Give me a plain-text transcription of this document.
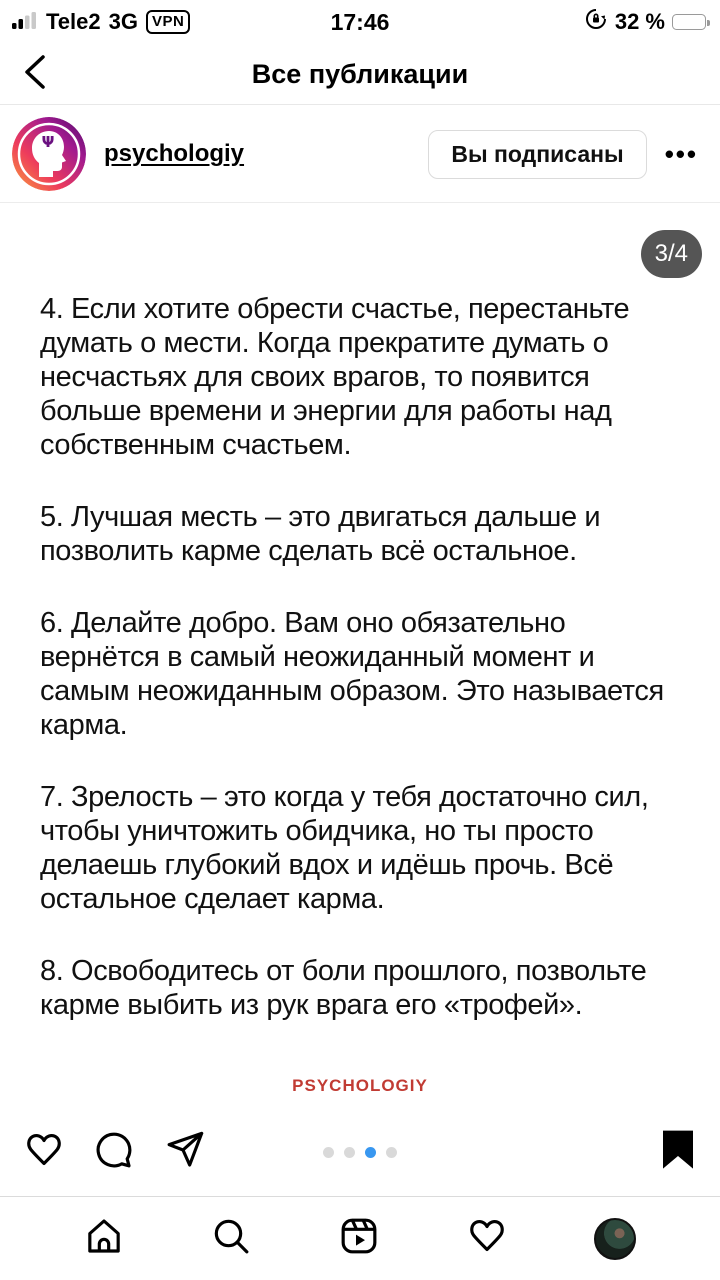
Tele2 3G VPN	17:46	32 %
Все публикации
Ψ psychologiy	Вы подписаны	•••
3/4

4. Если хотите обрести счастье, перестаньте думать о мести. Когда прекратите думать о несчастьях для своих врагов, то появится больше времени и энергии для работы над собственным счастьем.

5. Лучшая месть – это двигаться дальше и позволить карме сделать всё остальное.

6. Делайте добро. Вам оно обязательно вернётся в самый неожиданный момент и самым неожиданным образом. Это называется карма.

7. Зрелость – это когда у тебя достаточно сил, чтобы уничтожить обидчика, но ты просто делаешь глубокий вдох и идёшь прочь. Всё остальное сделает карма.

8. Освободитесь от боли прошлого, позвольте карме выбить из рук врага его «трофей».

PSYCHOLOGIY
